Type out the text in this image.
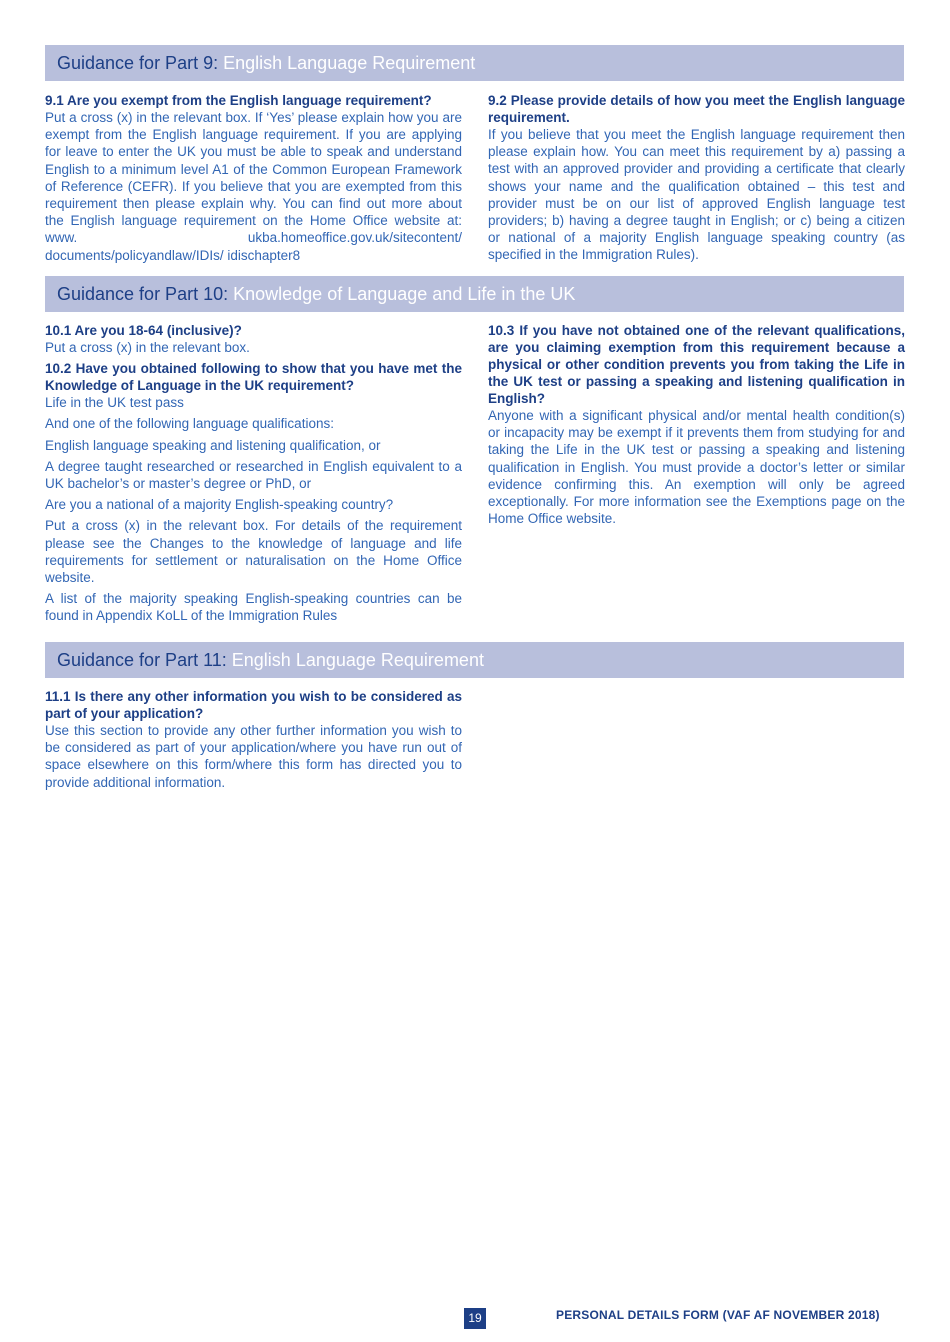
Guidance for Part 9: English Language Requirement

9.1 Are you exempt from the English language requirement?

Put a cross (x) in the relevant box. If ‘Yes’ please explain how you are exempt from the English language requirement. If you are applying for leave to enter the UK you must be able to speak and understand English to a minimum level A1 of the Common European Framework of Reference (CEFR). If you believe that you are exempted from this requirement then please explain why. You can find out more about the English language requirement on the Home Office website at: www. ukba.homeoffice.gov.uk/sitecontent/ documents/policyandlaw/IDIs/ idischapter8

9.2 Please provide details of how you meet the English language requirement.

If you believe that you meet the English language requirement then please explain how. You can meet this requirement by a) passing a test with an approved provider and providing a certificate that clearly shows your name and the qualification obtained – this test and provider must be on our list of approved English language test providers; b) having a degree taught in English; or c) being a citizen or national of a majority English language speaking country (as specified in the Immigration Rules).

Guidance for Part 10: Knowledge of Language and Life in the UK

10.1 Are you 18-64 (inclusive)?

Put a cross (x) in the relevant box.

10.2 Have you obtained following to show that you have met the Knowledge of Language in the UK requirement?

Life in the UK test pass

And one of the following language qualifications:

English language speaking and listening qualification, or

A degree taught researched or researched in English equivalent to a UK bachelor’s or master’s degree or PhD, or

Are you a national of a majority English-speaking country?

Put a cross (x) in the relevant box. For details of the requirement please see the Changes to the knowledge of language and life requirements for settlement or naturalisation on the Home Office website.

A list of the majority speaking English-speaking countries can be found in Appendix KoLL of the Immigration Rules

10.3 If you have not obtained one of the relevant qualifications, are you claiming exemption from this requirement because a physical or other condition prevents you from taking the Life in the UK test or passing a speaking and listening qualification in English?

Anyone with a significant physical and/or mental health condition(s) or incapacity may be exempt if it prevents them from studying for and taking the Life in the UK test or passing a speaking and listening qualification in English. You must provide a doctor’s letter or similar evidence confirming this. An exemption will only be agreed exceptionally. For more information see the Exemptions page on the Home Office website.

Guidance for Part 11: English Language Requirement

11.1 Is there any other information you wish to be considered as part of your application?

Use this section to provide any other further information you wish to be considered as part of your application/where you have run out of space elsewhere on this form/where this form has directed you to provide additional information.

19	PERSONAL DETAILS FORM (VAF AF NOVEMBER 2018)
